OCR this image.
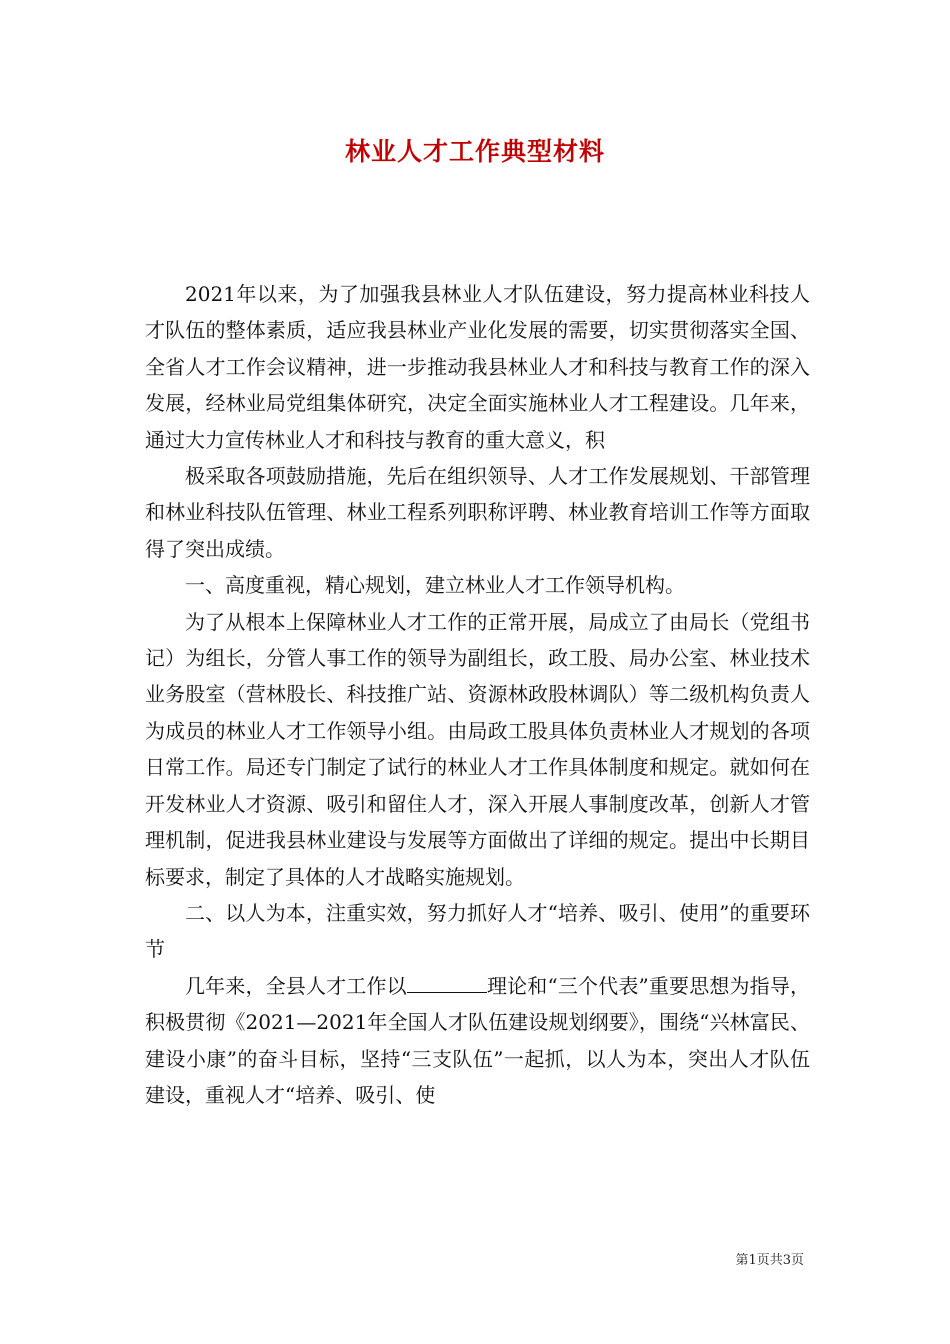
林业人才工作典型材料

2021年以来，为了加强我县林业人才队伍建设，努力提高林业科技人才队伍的整体素质，适应我县林业产业化发展的需要，切实贯彻落实全国、全省人才工作会议精神，进一步推动我县林业人才和科技与教育工作的深入发展，经林业局党组集体研究，决定全面实施林业人才工程建设。几年来，通过大力宣传林业人才和科技与教育的重大意义，积

极采取各项鼓励措施，先后在组织领导、人才工作发展规划、干部管理和林业科技队伍管理、林业工程系列职称评聘、林业教育培训工作等方面取得了突出成绩。

一、高度重视，精心规划，建立林业人才工作领导机构。

为了从根本上保障林业人才工作的正常开展，局成立了由局长（党组书记）为组长，分管人事工作的领导为副组长，政工股、局办公室、林业技术业务股室（营林股长、科技推广站、资源林政股林调队）等二级机构负责人为成员的林业人才工作领导小组。由局政工股具体负责林业人才规划的各项日常工作。局还专门制定了试行的林业人才工作具体制度和规定。就如何在开发林业人才资源、吸引和留住人才，深入开展人事制度改革，创新人才管理机制，促进我县林业建设与发展等方面做出了详细的规定。提出中长期目标要求，制定了具体的人才战略实施规划。

二、以人为本，注重实效，努力抓好人才“培养、吸引、使用”的重要环节

几年来，全县人才工作以	理论和“三个代表”重要思想为指导，积极贯彻《2021—2021年全国人才队伍建设规划纲要》，围绕“兴林富民、建设小康”的奋斗目标，坚持“三支队伍”一起抓，以人为本，突出人才队伍建设，重视人才“培养、吸引、使

第1页共3页
